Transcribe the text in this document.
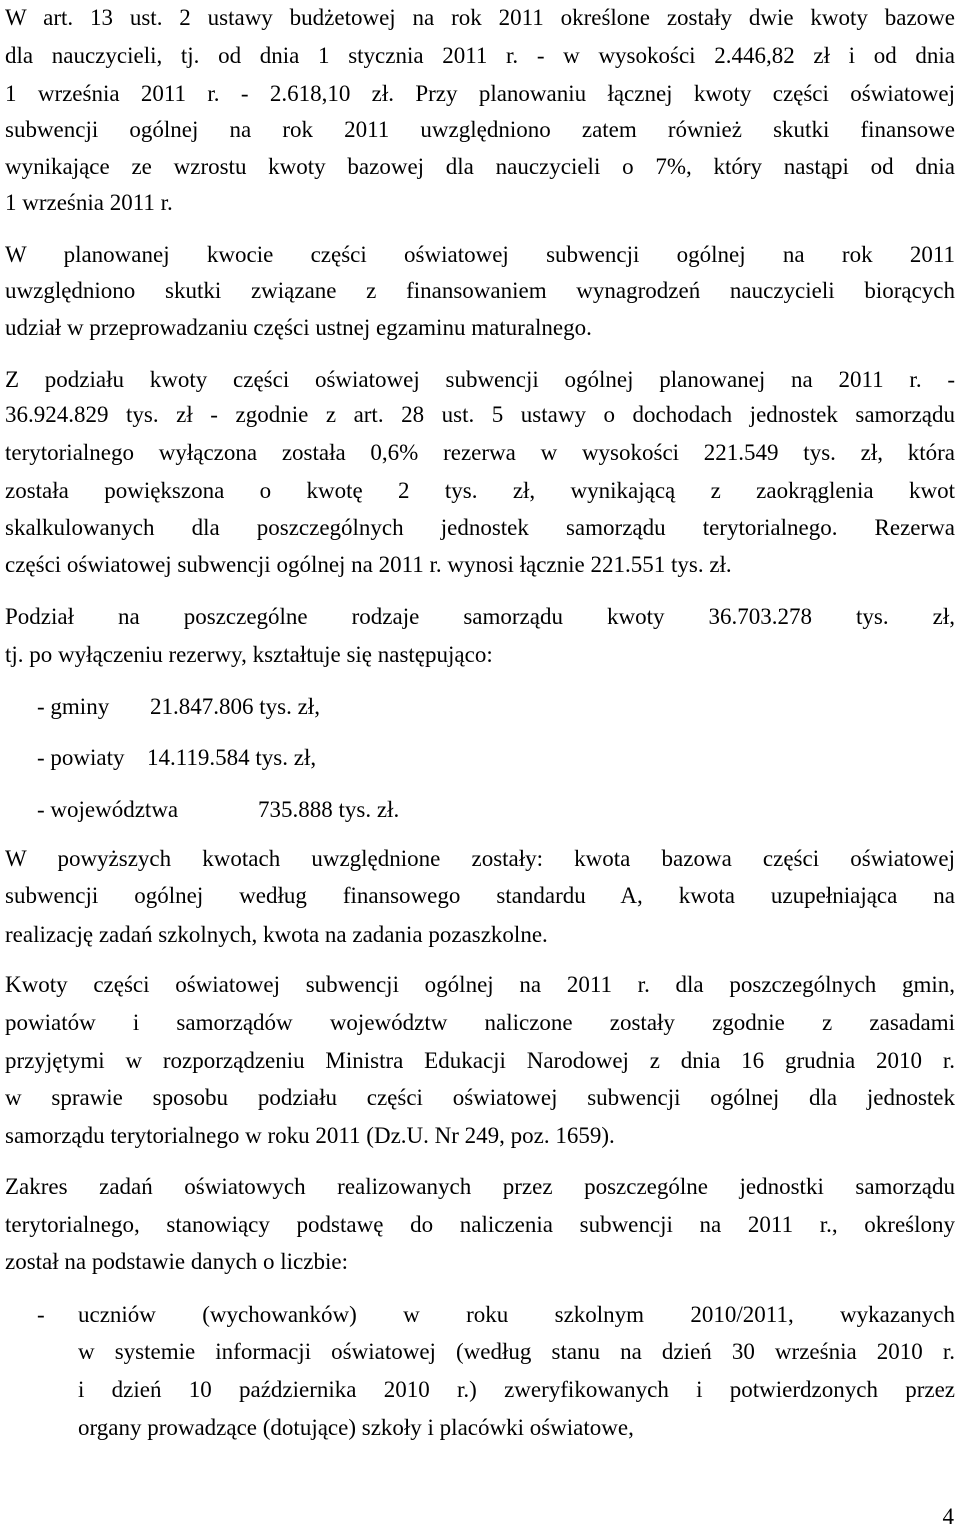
W art. 13 ust. 2 ustawy budżetowej na rok 2011 określone zostały dwie kwoty bazowe
dla nauczycieli, tj. od dnia 1 stycznia 2011 r. - w wysokości 2.446,82 zł i od dnia
1 września 2011 r. - 2.618,10 zł. Przy planowaniu łącznej kwoty części oświatowej
subwencji ogólnej na rok 2011 uwzględniono zatem również skutki finansowe
wynikające ze wzrostu kwoty bazowej dla nauczycieli o 7%, który nastąpi od dnia
1 września 2011 r.
W planowanej kwocie części oświatowej subwencji ogólnej na rok 2011
uwzględniono skutki związane z finansowaniem wynagrodzeń nauczycieli biorących
udział w przeprowadzaniu części ustnej egzaminu maturalnego.
Z podziału kwoty części oświatowej subwencji ogólnej planowanej na 2011 r. -
36.924.829 tys. zł - zgodnie z art. 28 ust. 5 ustawy o dochodach jednostek samorządu
terytorialnego wyłączona została 0,6% rezerwa w wysokości 221.549 tys. zł, która
została powiększona o kwotę 2 tys. zł, wynikającą z zaokrąglenia kwot
skalkulowanych dla poszczególnych jednostek samorządu terytorialnego. Rezerwa
części oświatowej subwencji ogólnej na 2011 r. wynosi łącznie 221.551 tys. zł.
Podział na poszczególne rodzaje samorządu kwoty 36.703.278 tys. zł,
tj. po wyłączeniu rezerwy, kształtuje się następująco:
- gminy 21.847.806 tys. zł,
- powiaty 14.119.584 tys. zł,
- województwa	735.888 tys. zł.
W powyższych kwotach uwzględnione zostały: kwota bazowa części oświatowej
subwencji ogólnej według finansowego standardu A, kwota uzupełniająca na
realizację zadań szkolnych, kwota na zadania pozaszkolne.
Kwoty części oświatowej subwencji ogólnej na 2011 r. dla poszczególnych gmin,
powiatów i samorządów województw naliczone zostały zgodnie z zasadami
przyjętymi w rozporządzeniu Ministra Edukacji Narodowej z dnia 16 grudnia 2010 r.
w sprawie sposobu podziału części oświatowej subwencji ogólnej dla jednostek
samorządu terytorialnego w roku 2011 (Dz.U. Nr 249, poz. 1659).
Zakres zadań oświatowych realizowanych przez poszczególne jednostki samorządu
terytorialnego, stanowiący podstawę do naliczenia subwencji na 2011 r., określony
został na podstawie danych o liczbie:
- uczniów (wychowanków) w roku szkolnym 2010/2011, wykazanych
w systemie informacji oświatowej (według stanu na dzień 30 września 2010 r.
i dzień 10 października 2010 r.) zweryfikowanych i potwierdzonych przez
organy prowadzące (dotujące) szkoły i placówki oświatowe,
4
